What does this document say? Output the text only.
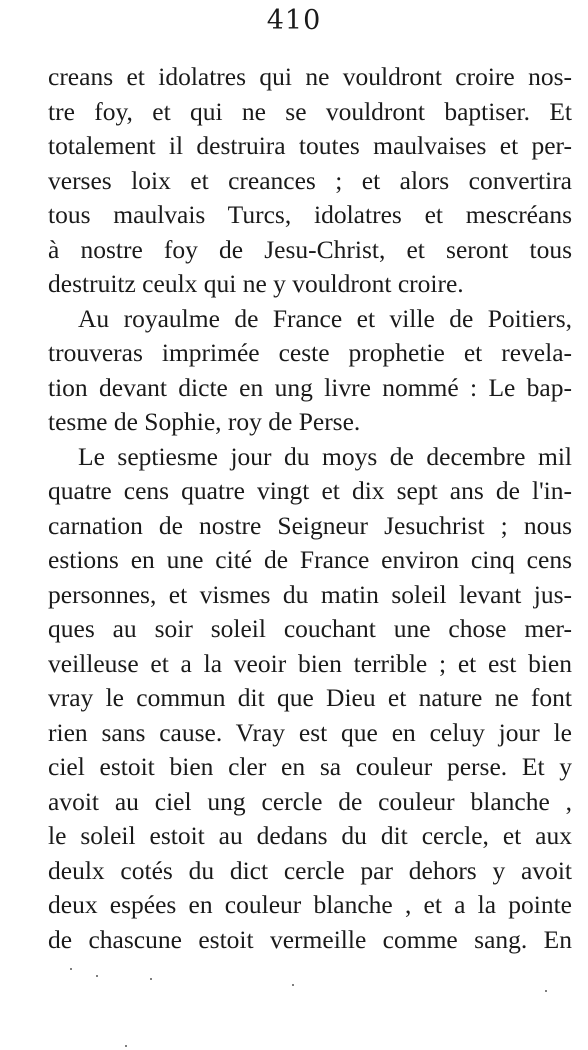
410
creans et idolatres qui ne vouldront croire nos-
tre foy, et qui ne se vouldront baptiser. Et
totalement il destruira toutes maulvaises et per-
verses loix et creances ; et alors convertira
tous maulvais Turcs, idolatres et mescréans
à nostre foy de Jesu-Christ, et seront tous
destruitz ceulx qui ne y vouldront croire.
Au royaulme de France et ville de Poitiers,
trouveras imprimée ceste prophetie et revela-
tion devant dicte en ung livre nommé : Le bap-
tesme de Sophie, roy de Perse.
Le septiesme jour du moys de decembre mil
quatre cens quatre vingt et dix sept ans de l'in-
carnation de nostre Seigneur Jesuchrist ; nous
estions en une cité de France environ cinq cens
personnes, et vismes du matin soleil levant jus-
ques au soir soleil couchant une chose mer-
veilleuse et a la veoir bien terrible ; et est bien
vray le commun dit que Dieu et nature ne font
rien sans cause. Vray est que en celuy jour le
ciel estoit bien cler en sa couleur perse. Et y
avoit au ciel ung cercle de couleur blanche ,
le soleil estoit au dedans du dit cercle, et aux
deulx cotés du dict cercle par dehors y avoit
deux espées en couleur blanche , et a la pointe
de chascune estoit vermeille comme sang. En
